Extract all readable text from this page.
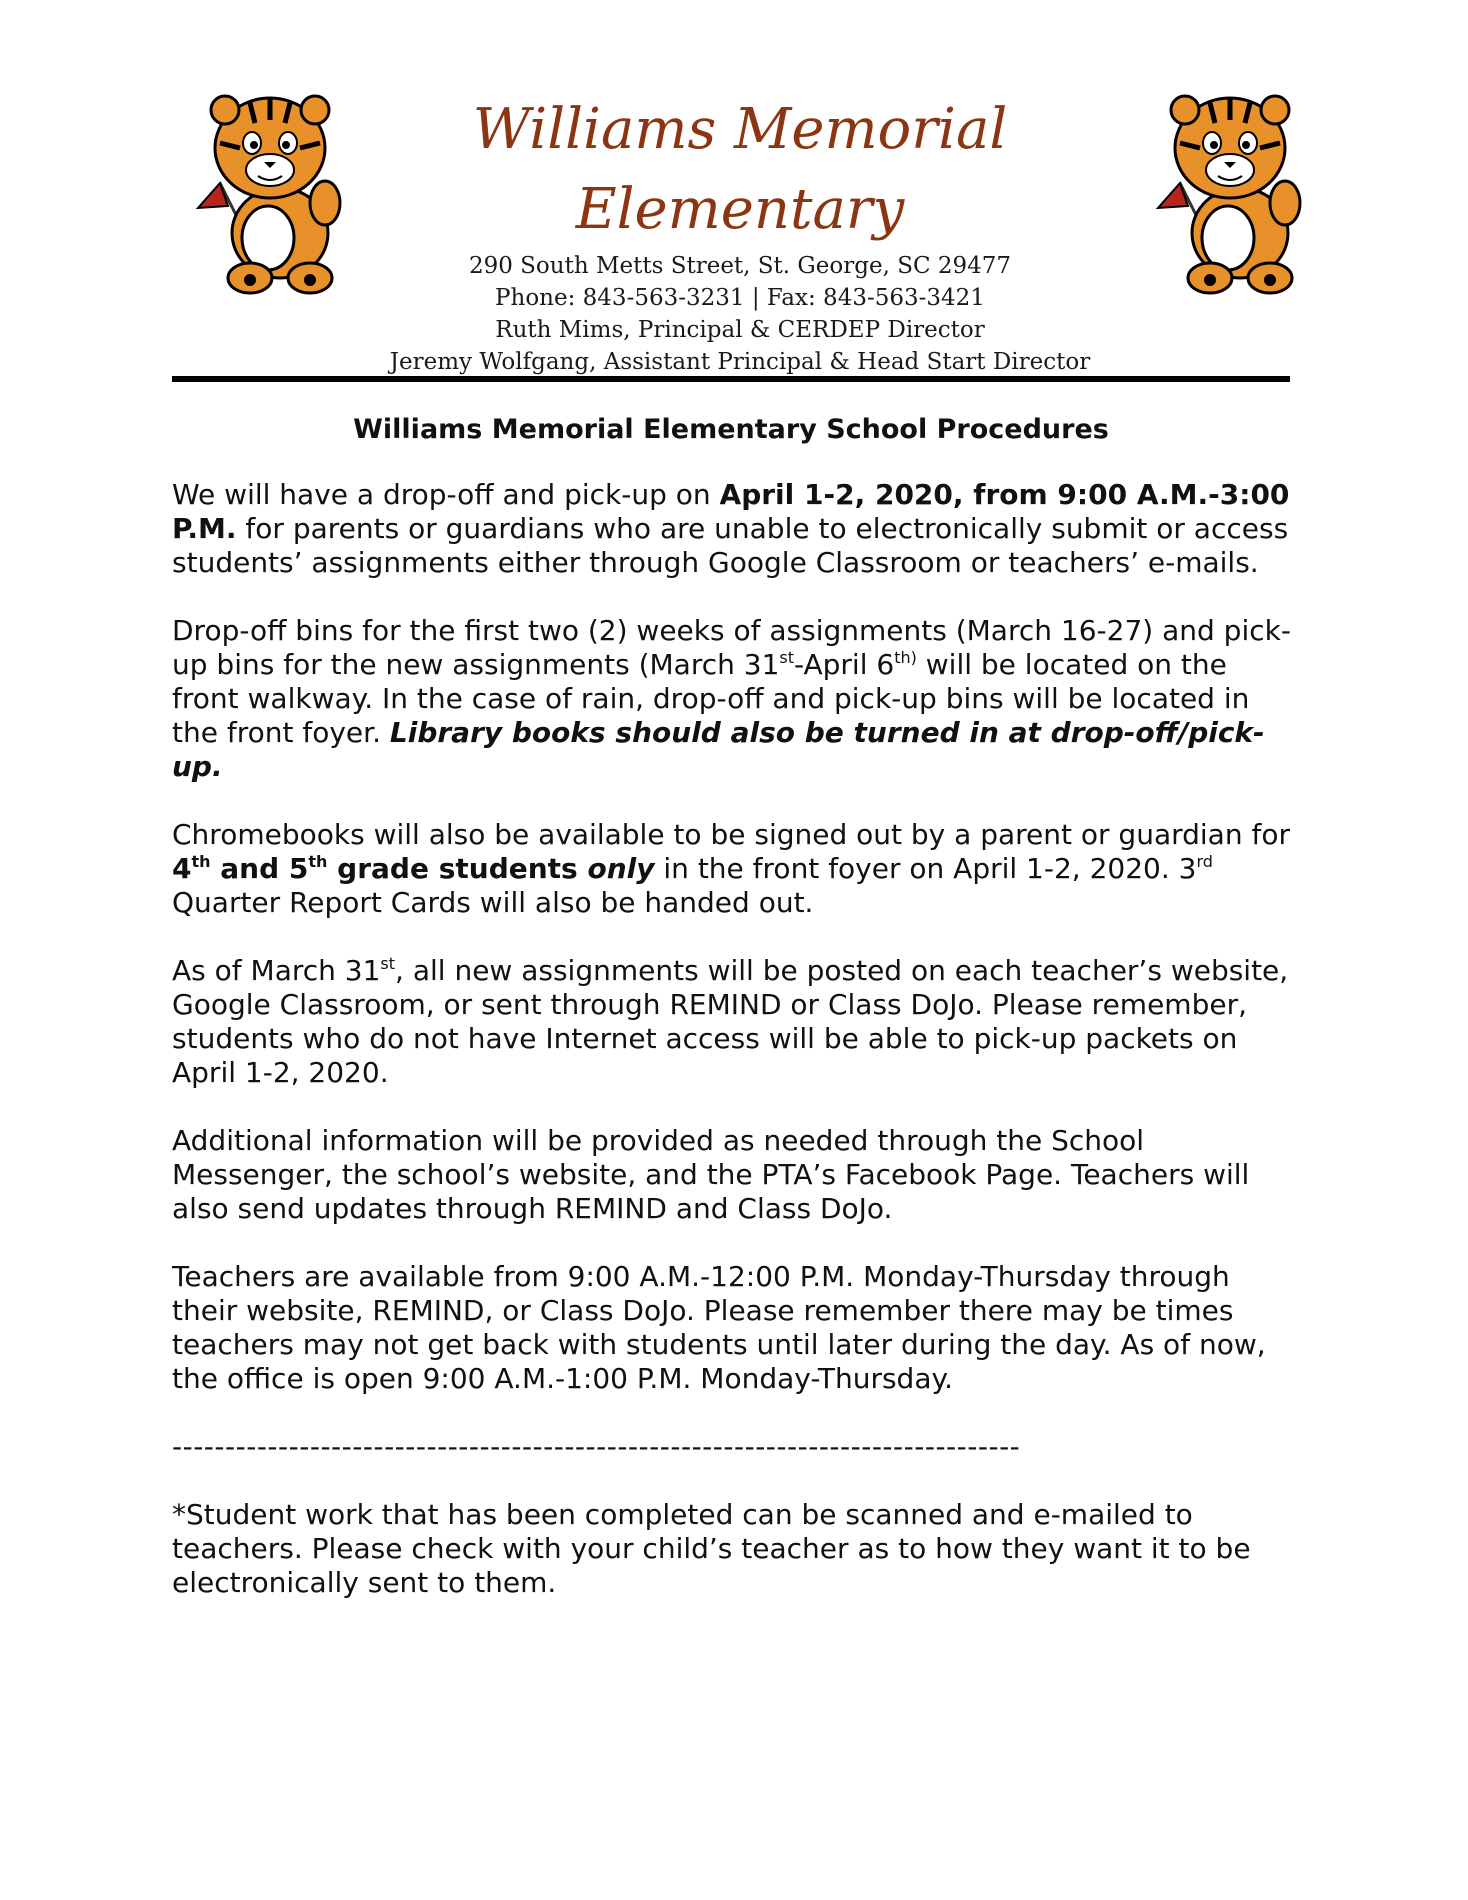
Williams Memorial
Elementary

290 South Metts Street, St. George, SC 29477

Phone: 843-563-3231 | Fax: 843-563-3421

Ruth Mims, Principal & CERDEP Director

Jeremy Wolfgang, Assistant Principal & Head Start Director

Williams Memorial Elementary School Procedures

We will have a drop-off and pick-up on April 1-2, 2020, from 9:00 A.M.-3:00 P.M. for parents or guardians who are unable to electronically submit or access students’ assignments either through Google Classroom or teachers’ e-mails.

Drop-off bins for the first two (2) weeks of assignments (March 16-27) and pick-up bins for the new assignments (March 31st-April $6^{th)}$ will be located on the front walkway. In the case of rain, drop-off and pick-up bins will be located in the front foyer. Library books should also be turned in at drop-off/pick-up.

Chromebooks will also be available to be signed out by a parent or guardian for 4th and 5th grade students only in the front foyer on April 1-2, 2020. 3rd Quarter Report Cards will also be handed out.

As of March 31st, all new assignments will be posted on each teacher’s website, Google Classroom, or sent through REMIND or Class DoJo. Please remember, students who do not have Internet access will be able to pick-up packets on April 1-2, 2020.

Additional information will be provided as needed through the School Messenger, the school’s website, and the PTA’s Facebook Page. Teachers will also send updates through REMIND and Class DoJo.

Teachers are available from 9:00 A.M.-12:00 P.M. Monday-Thursday through their website, REMIND, or Class DoJo. Please remember there may be times teachers may not get back with students until later during the day. As of now, the office is open 9:00 A.M.-1:00 P.M. Monday-Thursday.

--------------------------------------------------------------------------------

*Student work that has been completed can be scanned and e-mailed to teachers. Please check with your child’s teacher as to how they want it to be electronically sent to them.
